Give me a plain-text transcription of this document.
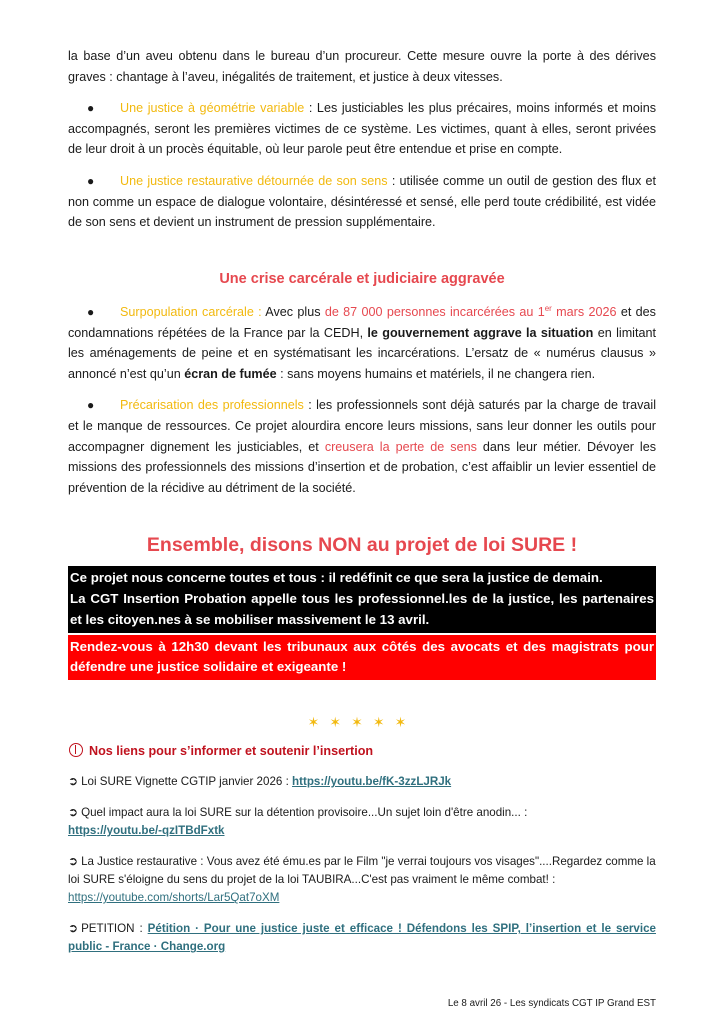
la base d’un aveu obtenu dans le bureau d’un procureur. Cette mesure ouvre la porte à des dérives graves : chantage à l’aveu, inégalités de traitement, et justice à deux vitesses.

● Une justice à géométrie variable : Les justiciables les plus précaires, moins informés et moins accompagnés, seront les premières victimes de ce système. Les victimes, quant à elles, seront privées de leur droit à un procès équitable, où leur parole peut être entendue et prise en compte.

● Une justice restaurative détournée de son sens : utilisée comme un outil de gestion des flux et non comme un espace de dialogue volontaire, désintéressé et sensé, elle perd toute crédibilité, est vidée de son sens et devient un instrument de pression supplémentaire.

Une crise carcérale et judiciaire aggravée

● Surpopulation carcérale : Avec plus de 87 000 personnes incarcérées au 1er mars 2026 et des condamnations répétées de la France par la CEDH, le gouvernement aggrave la situation en limitant les aménagements de peine et en systématisant les incarcérations. L’ersatz de « numérus clausus » annoncé n’est qu’un écran de fumée : sans moyens humains et matériels, il ne changera rien.

● Précarisation des professionnels : les professionnels sont déjà saturés par la charge de travail et le manque de ressources. Ce projet alourdira encore leurs missions, sans leur donner les outils pour accompagner dignement les justiciables, et creusera la perte de sens dans leur métier. Dévoyer les missions des professionnels des missions d’insertion et de probation, c’est affaiblir un levier essentiel de prévention de la récidive au détriment de la société.

Ensemble, disons NON au projet de loi SURE !

Ce projet nous concerne toutes et tous : il redéfinit ce que sera la justice de demain.

La CGT Insertion Probation appelle tous les professionnel.les de la justice, les partenaires et les citoyen.nes à se mobiliser massivement le 13 avril.

Rendez-vous à 12h30 devant les tribunaux aux côtés des avocats et des magistrats pour défendre une justice solidaire et exigeante !
✶✶✶✶✶
Nos liens pour s’informer et soutenir l’insertion
➲ Loi SURE Vignette CGTIP janvier 2026 : https://youtu.be/fK-3zzLJRJk
➲ Quel impact aura la loi SURE sur la détention provisoire...Un sujet loin d'être anodin... :
https://youtu.be/-qzITBdFxtk
➲ La Justice restaurative : Vous avez été ému.es par le Film "je verrai toujours vos visages"....Regardez comme la loi SURE s'éloigne du sens du projet de la loi TAUBIRA...C'est pas vraiment le même combat! :
https://youtube.com/shorts/Lar5Qat7oXM
➲ PETITION : Pétition · Pour une justice juste et efficace ! Défendons les SPIP, l’insertion et le service public - France · Change.org
Le 8 avril 26 - Les syndicats CGT IP Grand EST
